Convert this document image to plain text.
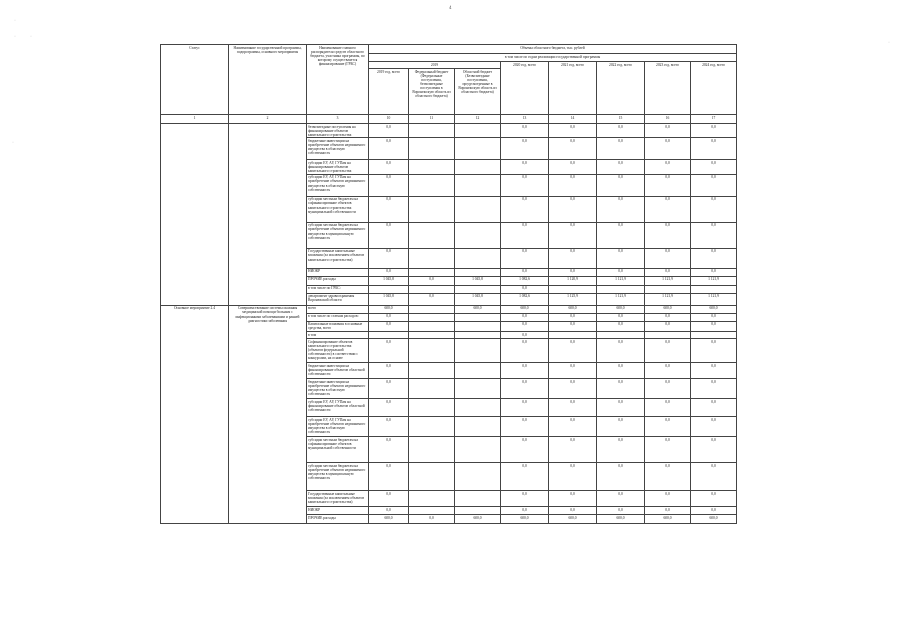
4
·
· ·
·
·
Статус	Наименование государственной программы, подпрограммы, основного мероприятия	Наименование главного распорядителя средств областного бюджета, участника программы, по которому осуществляется финансирование (ГРБС)	Объемы областного бюджета, тыс. рублей							
			в том числе по годам реализации государственной программы							
			2019			2020 год, всего	2021 год, всего	2022 год, всего	2023 год, всего	2024 год, всего
			2019 год, всего	Федеральный бюджет (Федеральные поступления, безвозмездные поступления в Воронежскую область из областного бюджета)	Областной бюджет (Безвозмездные поступления, предусмотренные в Воронежскую область из областного бюджета)					
1	2	3	10	11	12	13	14	15	16	17
		безвозмездные поступления на финансирование объектов капитального строительства	0,0			0,0	0,0	0,0	0,0	0,0
		бюджетные инвестиции на приобретение объектов недвижимого имущества в областную собственность	0,0			0,0	0,0	0,0	0,0	0,0
		субсидии ЕУ, АУ, ГУПам на финансирование объектов капитального строительства	0,0			0,0	0,0	0,0	0,0	0,0
		субсидии ЕУ, АУ, ГУПам на приобретение объектов недвижимого имущества в областную собственность	0,0			0,0	0,0	0,0	0,0	0,0
		субсидии местным бюджетам на софинансирование объектов капитального строительства муниципальной собственности	0,0			0,0	0,0	0,0	0,0	0,0
		субсидии местным бюджетам на приобретение объектов недвижимого имущества в муниципальную собственность	0,0			0,0	0,0	0,0	0,0	0,0
		Государственные капитальные вложения (за исключением объектов капитального строительства)	0,0			0,0	0,0	0,0	0,0	0,0
		НИОКР	0,0			0,0	0,0	0,0	0,0	0,0
		ПРОЧИЕ расходы	1 045,8	0,0	1 045,8	1 082,6	1 120,9	1 121,9	1 121,9	1 121,9
		в том числе по ГРБС:				0,0				
		департамент здравоохранения Воронежской области	1 045,8	0,0	1 045,8	1 082,6	1 125,9	1 121,9	1 121,9	1 121,9
Основное мероприятие 2.4	Совершенствование системы оказания медицинской помощи больным с инфекционными заболеваниями и ранней диагностики заболевания	всего	600,0		600,0	600,0	600,0	600,0	600,0	600,0
		в том числе по статьям расходов:	0,0			0,0	0,0	0,0	0,0	0,0
		Капитальные вложения в основные средства, всего	0,0			0,0	0,0	0,0	0,0	0,0
		в том				0,0				
		Софинансирование объектов капитального строительства (объектов федеральной собственности) в соответствии с конкурсами, на основе	0,0			0,0	0,0	0,0	0,0	0,0
		бюджетные инвестиции на финансирование объектов областной собственности	0,0			0,0	0,0	0,0	0,0	0,0
		бюджетные инвестиции на приобретение объектов недвижимого имущества в областную собственность	0,0			0,0	0,0	0,0	0,0	0,0
		субсидии ЕУ, АУ, ГУПам на финансирование объектов областной собственности	0,0			0,0	0,0	0,0	0,0	0,0
		субсидии ЕУ, АУ, ГУПам на приобретение объектов недвижимого имущества в областную собственность	0,0			0,0	0,0	0,0	0,0	0,0
		субсидии местным бюджетам на софинансирование объектов муниципальной собственности	0,0			0,0	0,0	0,0	0,0	0,0
		субсидии местным бюджетам на приобретение объектов недвижимого имущества в муниципальную собственность	0,0			0,0	0,0	0,0	0,0	0,0
		Государственные капитальные вложения (за исключением объектов капитального строительства)	0,0			0,0	0,0	0,0	0,0	0,0
		НИОКР	0,0			0,0	0,0	0,0	0,0	0,0
		ПРОЧИЕ расходы	600,0	0,0	600,0	600,0	600,0	600,0	600,0	600,0
